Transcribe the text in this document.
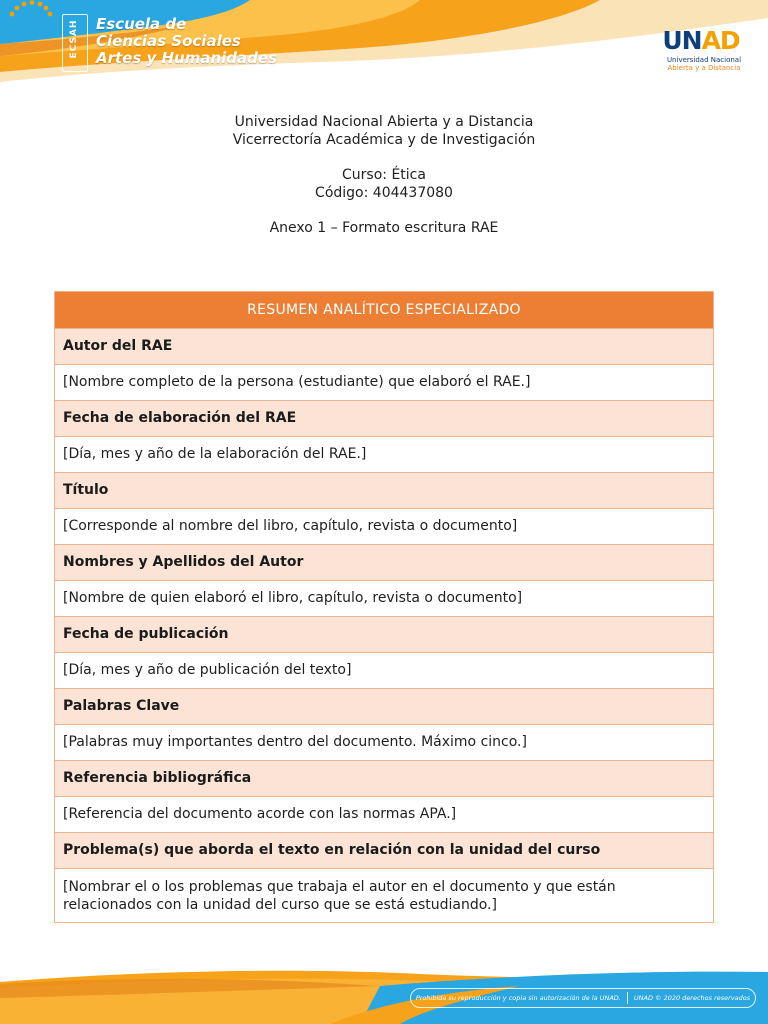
ECSAH Escuela de
Ciencias Sociales
Artes y Humanidades
UNAD
Universidad Nacional
Abierta y a Distancia
Universidad Nacional Abierta y a Distancia
Vicerrectoría Académica y de Investigación
Curso: Ética
Código: 404437080
Anexo 1 – Formato escritura RAE
RESUMEN ANALÍTICO ESPECIALIZADO
Autor del RAE
[Nombre completo de la persona (estudiante) que elaboró el RAE.]
Fecha de elaboración del RAE
[Día, mes y año de la elaboración del RAE.]
Título
[Corresponde al nombre del libro, capítulo, revista o documento]
Nombres y Apellidos del Autor
[Nombre de quien elaboró el libro, capítulo, revista o documento]
Fecha de publicación
[Día, mes y año de publicación del texto]
Palabras Clave
[Palabras muy importantes dentro del documento. Máximo cinco.]
Referencia bibliográfica
[Referencia del documento acorde con las normas APA.]
Problema(s) que aborda el texto en relación con la unidad del curso
[Nombrar el o los problemas que trabaja el autor en el documento y que están relacionados con la unidad del curso que se está estudiando.]
Prohibida su reproducción y copia sin autorización de la UNAD. UNAD © 2020 derechos reservados
